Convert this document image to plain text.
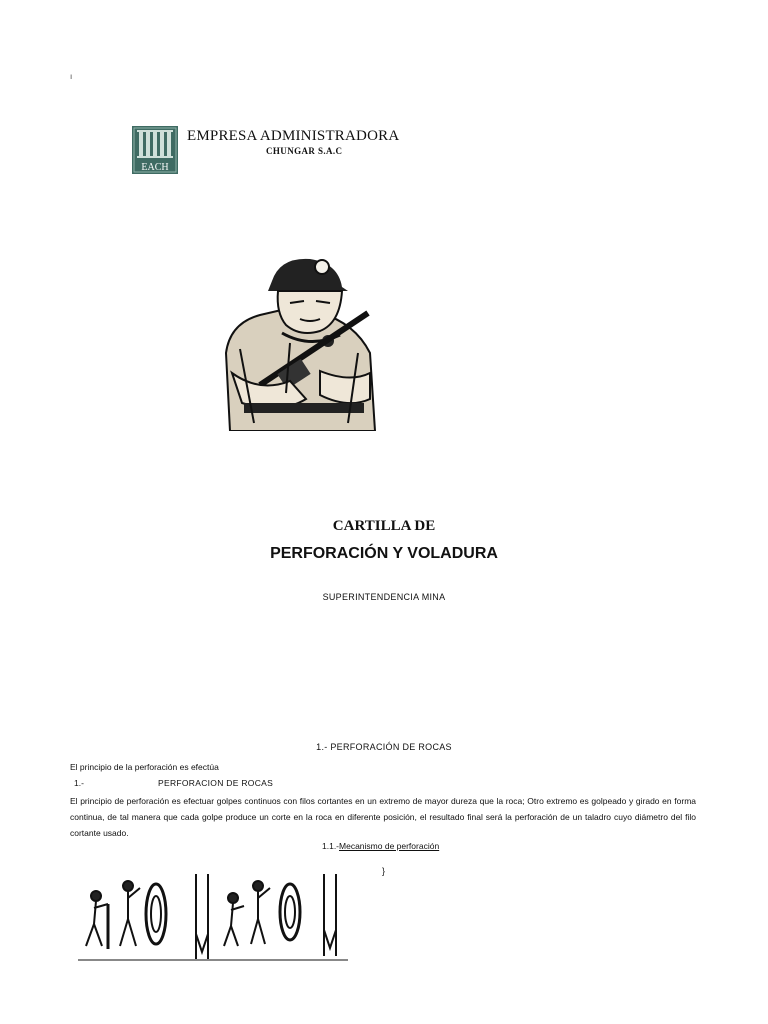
ı
EACH
EMPRESA ADMINISTRADORA
CHUNGAR S.A.C
CARTILLA DE
PERFORACIÓN Y VOLADURA
SUPERINTENDENCIA MINA
1.- PERFORACIÓN DE ROCAS
El principio de la perforación es efectúa
1.-	PERFORACION DE ROCAS
El principio de perforación es efectuar golpes continuos con filos cortantes en un extremo de mayor dureza que la roca; Otro extremo es golpeado y girado en forma continua, de tal manera que cada golpe produce un corte en la roca en diferente posición, el resultado final será la perforación de un taladro cuyo diámetro del filo cortante usado.
1.1.-Mecanismo de perforación
}
